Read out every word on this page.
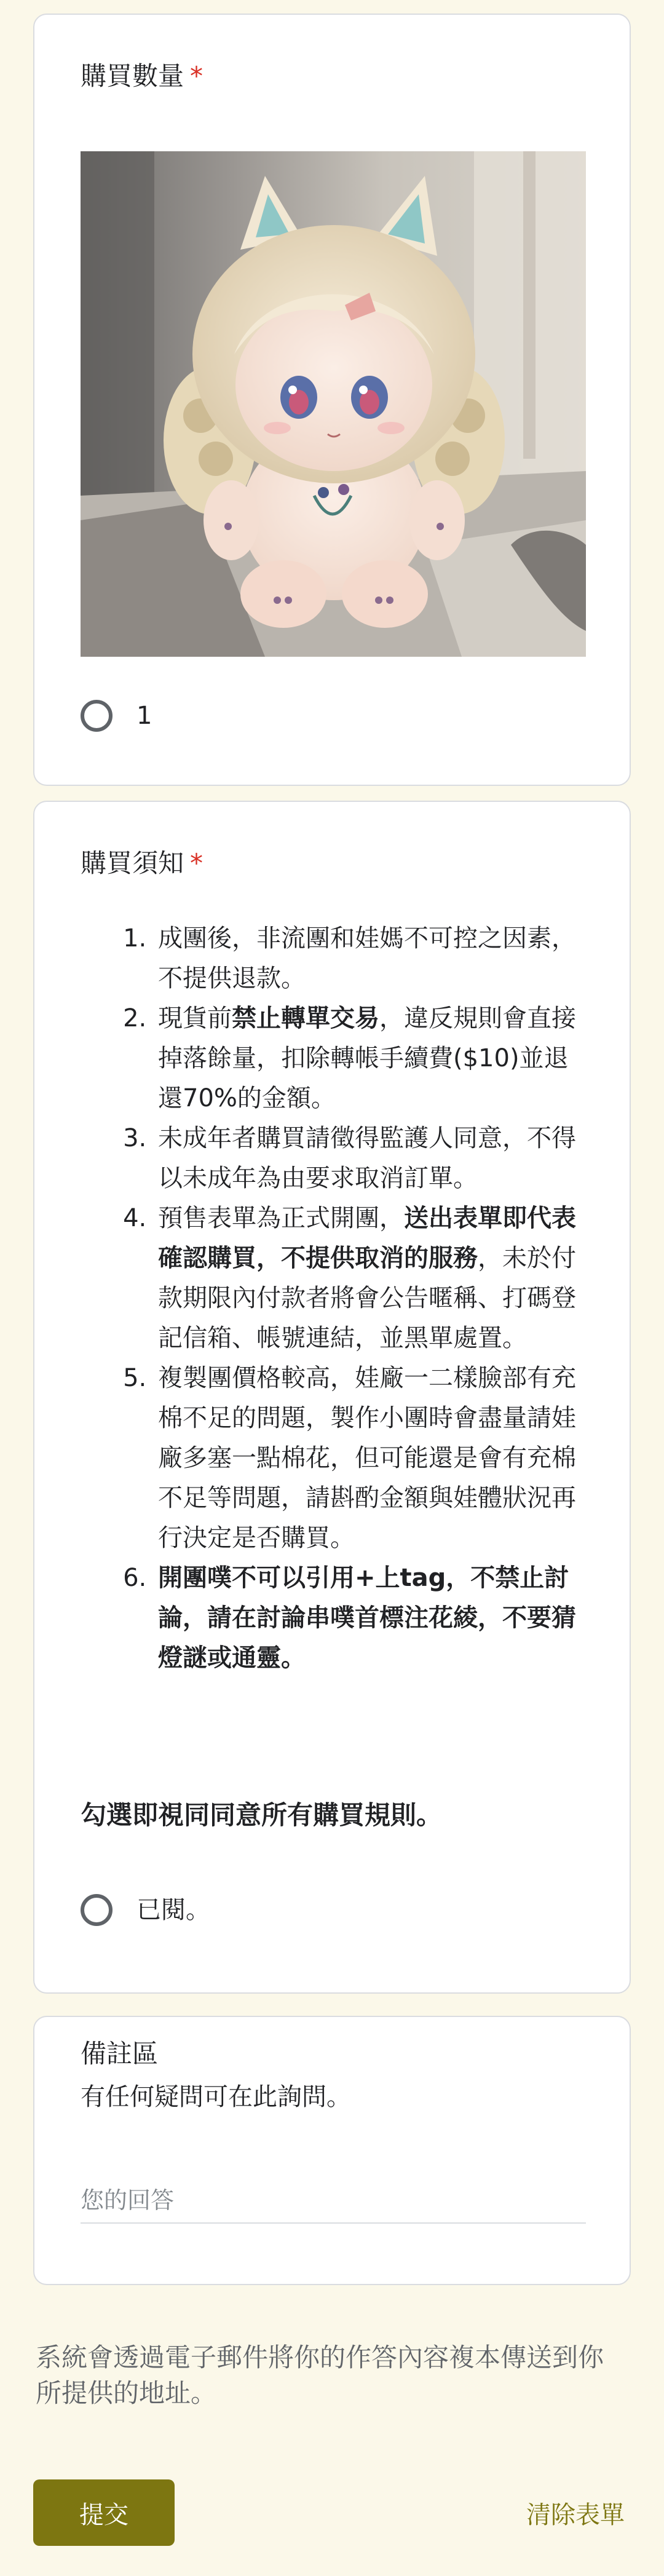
購買數量 *
1
購買須知 *
1. 成團後，非流團和娃媽不可控之因素，不提供退款。
2. 現貨前禁止轉單交易，違反規則會直接掉落餘量，扣除轉帳手續費($10)並退還70%的金額。
3. 未成年者購買請徵得監護人同意，不得以未成年為由要求取消訂單。
4. 預售表單為正式開團，送出表單即代表確認購買，不提供取消的服務，未於付款期限內付款者將會公告暱稱、打碼登記信箱、帳號連結，並黑單處置。
5. 複製團價格較高，娃廠一二樣臉部有充棉不足的問題，製作小團時會盡量請娃廠多塞一點棉花，但可能還是會有充棉不足等問題，請斟酌金額與娃體狀況再行決定是否購買。
6. 開團噗不可以引用+上tag，不禁止討論，請在討論串噗首標注花綾，不要猜燈謎或通靈。
勾選即視同同意所有購買規則。
已閱。
備註區
有任何疑問可在此詢問。
您的回答
系統會透過電子郵件將你的作答內容複本傳送到你所提供的地址。
提交	清除表單
